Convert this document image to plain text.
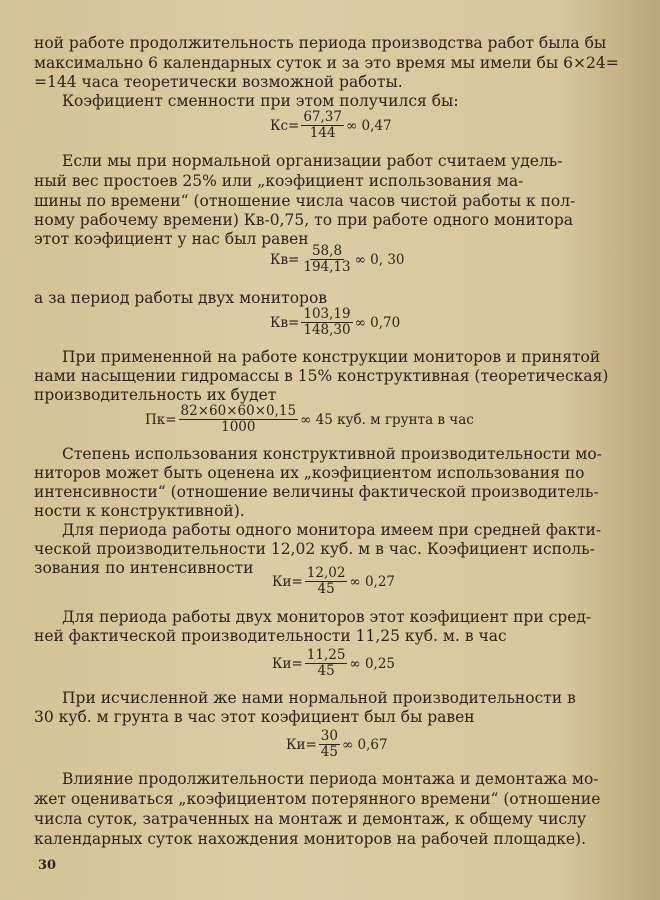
ной работе продолжительность периода производства работ была бы
максимально 6 календарных суток и за это время мы имели бы 6×24=
=144 часа теоретически возможной работы.
Коэфициент сменности при этом получился бы:
$Кс= \frac{67,37}{144}$ ∞ 0,47
Если мы при нормальной организации работ считаем удель-
ный вес простоев 25% или „коэфициент использования ма-
шины по времени“ (отношение числа часов чистой работы к пол-
ному рабочему времени) Кв-0,75, то при работе одного монитора
этот коэфициент у нас был равен
$Кв= \frac{58,8}{194,13}$ ∞ 0, 30
а за период работы двух мониторов
$Кв= \frac{103,19}{148,30}$ ∞ 0,70
При примененной на работе конструкции мониторов и принятой
нами насыщении гидромассы в 15% конструктивная (теоретическая)
производительность их будет
$Пк= \frac{82\times 60\times 60\times 0,15}{1000}$ ∞ 45 куб. м грунта в час
Степень использования конструктивной производительности мо-
ниторов может быть оценена их „коэфициентом использования по
интенсивности“ (отношение величины фактической производитель-
ности к конструктивной).
Для периода работы одного монитора имеем при средней факти-
ческой производительности 12,02 куб. м в час. Коэфициент исполь-
зования по интенсивности
$Ки= \frac{12,02}{45}$ ∞ 0,27
Для периода работы двух мониторов этот коэфициент при сред-
ней фактической производительности 11,25 куб. м. в час
$Ки= \frac{11,25}{45}$ ∞ 0,25
При исчисленной же нами нормальной производительности в
30 куб. м грунта в час этот коэфициент был бы равен
$Ки= \frac{30}{45}$ ∞ 0,67
Влияние продолжительности периода монтажа и демонтажа мо-
жет оцениваться „коэфициентом потерянного времени“ (отношение
числа суток, затраченных на монтаж и демонтаж, к общему числу
календарных суток нахождения мониторов на рабочей площадке).
30
